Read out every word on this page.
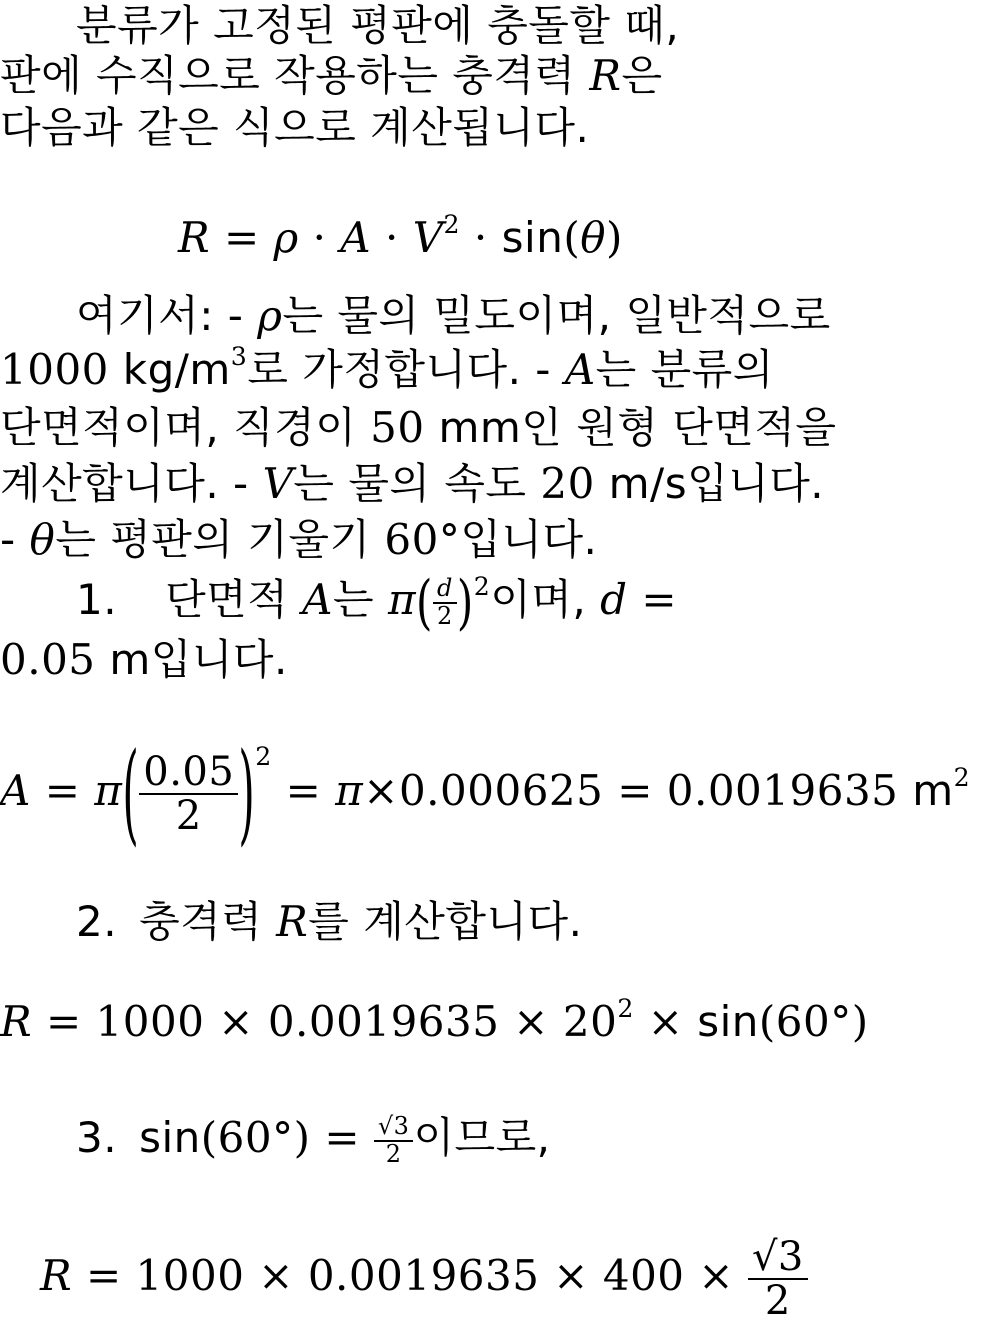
분류가 고정된 평판에 충돌할 때,
판에 수직으로 작용하는 충격력 R은
다음과 같은 식으로 계산됩니다.
$R = \rho \cdot A \cdot V^2 \cdot \sin(\theta)$
여기서: - ρ는 물의 밀도이며, 일반적으로
1000 $kg/m^3$로 가정합니다. - A는 분류의
단면적이며, 직경이 50 mm인 원형 단면적을
계산합니다. - V는 물의 속도 20 m/s입니다.
- θ는 평판의 기울기 60°입니다.
1. 단면적 A는 $\pi( \frac{d}{2} )^2$이며, d =
0.05 m입니다.
$A = \pi( \frac{0.05}{2} )^2 = \pi\times 0.000625 = 0.0019635$ $m^2$
2. 충격력 R를 계산합니다.
$R = 1000 \times 0.0019635 \times 20^2 \times \sin(60^\circ)$
3. $\sin(60^\circ) = \frac{√3}{2}$ 이므로,
$R = 1000 \times 0.0019635 \times 400 \times \frac{√3}{2}$
